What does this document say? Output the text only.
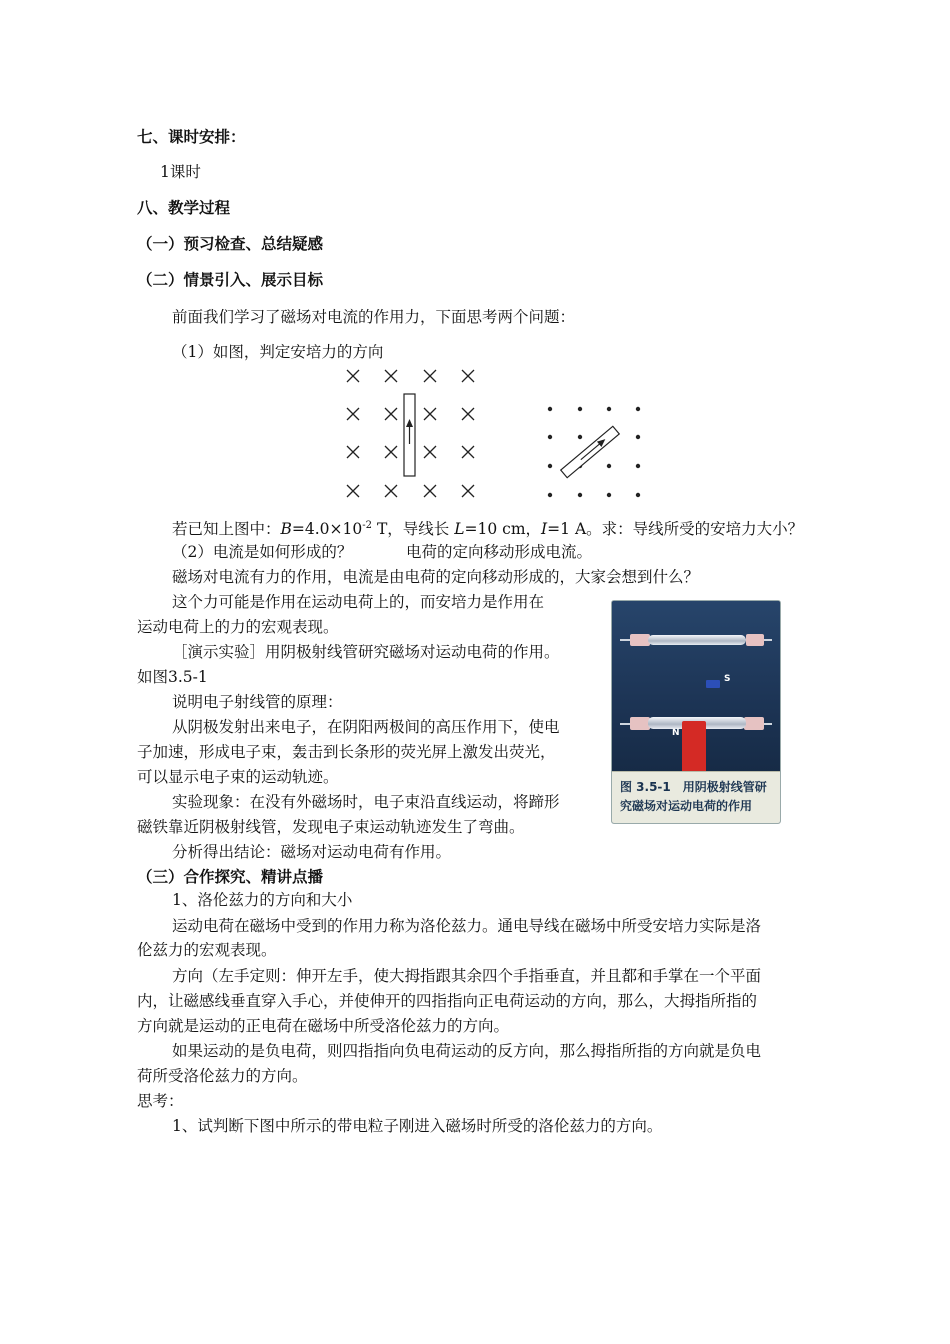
七、课时安排：
1课时
八、教学过程
（一）预习检查、总结疑感
（二）情景引入、展示目标
前面我们学习了磁场对电流的作用力，下面思考两个问题：
（1）如图，判定安培力的方向
若已知上图中：$B=4.0\times 10^{-2}$ T，导线长 L=10 cm，I=1 A。求：导线所受的安培力大小？
（2）电流是如何形成的？	电荷的定向移动形成电流。
磁场对电流有力的作用，电流是由电荷的定向移动形成的，大家会想到什么？
这个力可能是作用在运动电荷上的，而安培力是作用在
运动电荷上的力的宏观表现。
［演示实验］用阴极射线管研究磁场对运动电荷的作用。
如图3.5-1
说明电子射线管的原理：
从阴极发射出来电子，在阴阳两极间的高压作用下，使电
子加速，形成电子束，轰击到长条形的荧光屏上激发出荧光，
可以显示电子束的运动轨迹。
实验现象：在没有外磁场时，电子束沿直线运动，将蹄形
磁铁靠近阴极射线管，发现电子束运动轨迹发生了弯曲。
分析得出结论：磁场对运动电荷有作用。
S
N
图 3.5-1　用阴极射线管研究磁场对运动电荷的作用
（三）合作探究、精讲点播
1、洛伦兹力的方向和大小
运动电荷在磁场中受到的作用力称为洛伦兹力。通电导线在磁场中所受安培力实际是洛
伦兹力的宏观表现。
方向（左手定则：伸开左手，使大拇指跟其余四个手指垂直，并且都和手掌在一个平面
内，让磁感线垂直穿入手心，并使伸开的四指指向正电荷运动的方向，那么，大拇指所指的
方向就是运动的正电荷在磁场中所受洛伦兹力的方向。
如果运动的是负电荷，则四指指向负电荷运动的反方向，那么拇指所指的方向就是负电
荷所受洛伦兹力的方向。
思考：
1、试判断下图中所示的带电粒子刚进入磁场时所受的洛伦兹力的方向。
